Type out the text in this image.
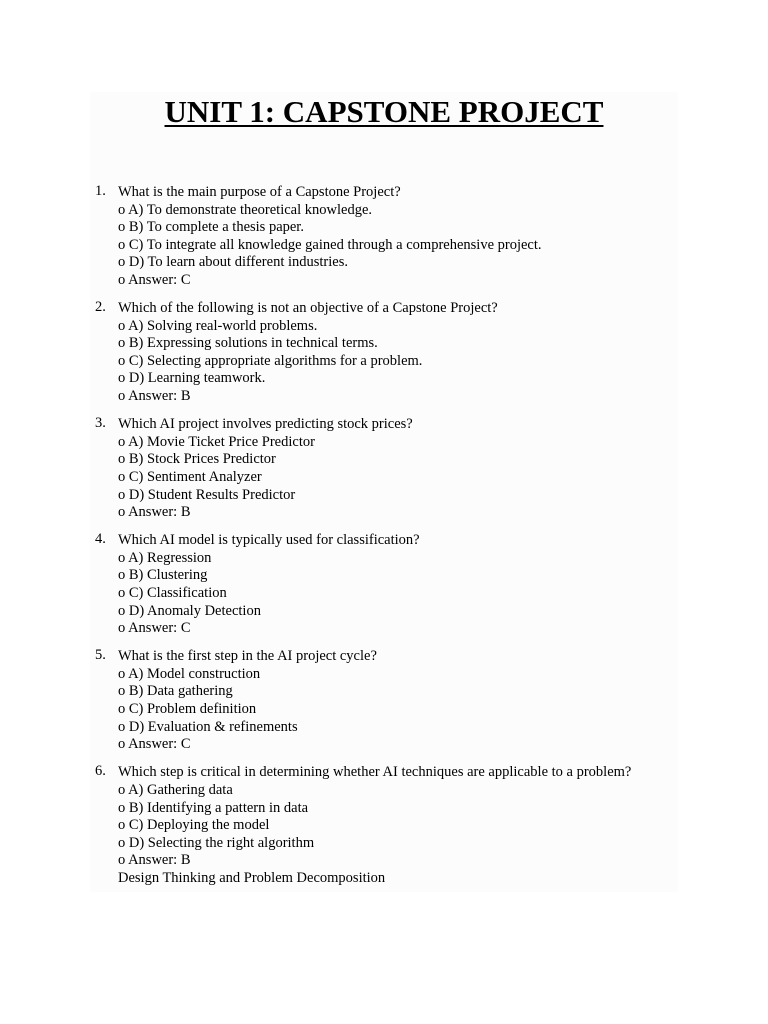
UNIT 1: CAPSTONE PROJECT
1. What is the main purpose of a Capstone Project?
o A) To demonstrate theoretical knowledge.
o B) To complete a thesis paper.
o C) To integrate all knowledge gained through a comprehensive project.
o D) To learn about different industries.
o Answer: C
2. Which of the following is not an objective of a Capstone Project?
o A) Solving real-world problems.
o B) Expressing solutions in technical terms.
o C) Selecting appropriate algorithms for a problem.
o D) Learning teamwork.
o Answer: B
3. Which AI project involves predicting stock prices?
o A) Movie Ticket Price Predictor
o B) Stock Prices Predictor
o C) Sentiment Analyzer
o D) Student Results Predictor
o Answer: B
4. Which AI model is typically used for classification?
o A) Regression
o B) Clustering
o C) Classification
o D) Anomaly Detection
o Answer: C
5. What is the first step in the AI project cycle?
o A) Model construction
o B) Data gathering
o C) Problem definition
o D) Evaluation & refinements
o Answer: C
6. Which step is critical in determining whether AI techniques are applicable to a problem?
o A) Gathering data
o B) Identifying a pattern in data
o C) Deploying the model
o D) Selecting the right algorithm
o Answer: B
Design Thinking and Problem Decomposition
